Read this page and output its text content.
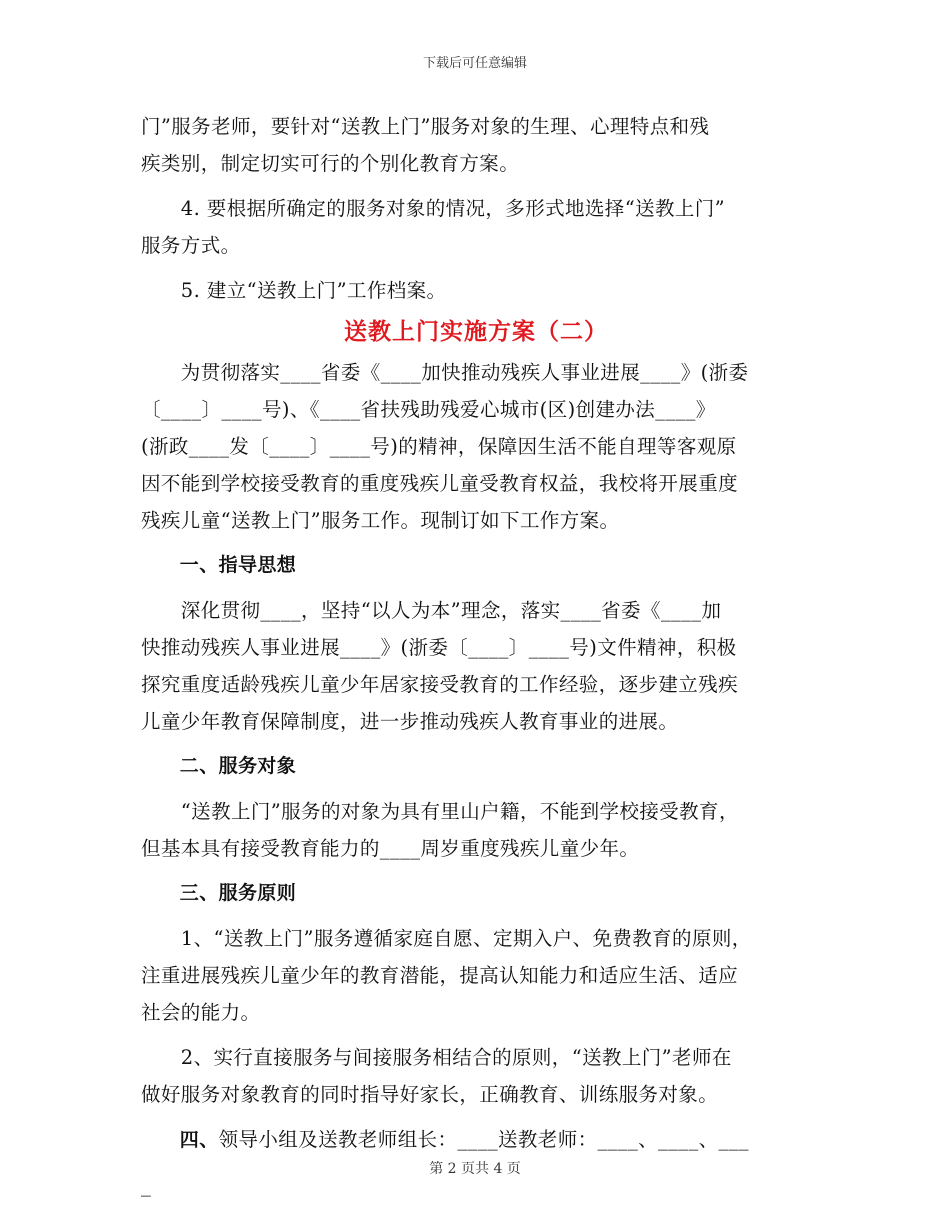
下载后可任意编辑
门”服务老师，要针对“送教上门”服务对象的生理、心理特点和残
疾类别，制定切实可行的个别化教育方案。
　　4. 要根据所确定的服务对象的情况，多形式地选择“送教上门”
服务方式。
　　5. 建立“送教上门”工作档案。
送教上门实施方案（二）
　　为贯彻落实____省委《____加快推动残疾人事业进展____》(浙委
〔____〕____号)、《____省扶残助残爱心城市(区)创建办法____》
(浙政____发〔____〕____号)的精神，保障因生活不能自理等客观原
因不能到学校接受教育的重度残疾儿童受教育权益，我校将开展重度
残疾儿童“送教上门”服务工作。现制订如下工作方案。
　　一、指导思想
　　深化贯彻____，坚持“以人为本”理念，落实____省委《____加
快推动残疾人事业进展____》(浙委〔____〕____号)文件精神，积极
探究重度适龄残疾儿童少年居家接受教育的工作经验，逐步建立残疾
儿童少年教育保障制度，进一步推动残疾人教育事业的进展。
　　二、服务对象
　　“送教上门”服务的对象为具有里山户籍，不能到学校接受教育，
但基本具有接受教育能力的____周岁重度残疾儿童少年。
　　三、服务原则
　　1、“送教上门”服务遵循家庭自愿、定期入户、免费教育的原则，
注重进展残疾儿童少年的教育潜能，提高认知能力和适应生活、适应
社会的能力。
　　2、实行直接服务与间接服务相结合的原则，“送教上门”老师在
做好服务对象教育的同时指导好家长，正确教育、训练服务对象。
　　四、领导小组及送教老师组长：____送教老师：____、____、___
_
第 2 页共 4 页
